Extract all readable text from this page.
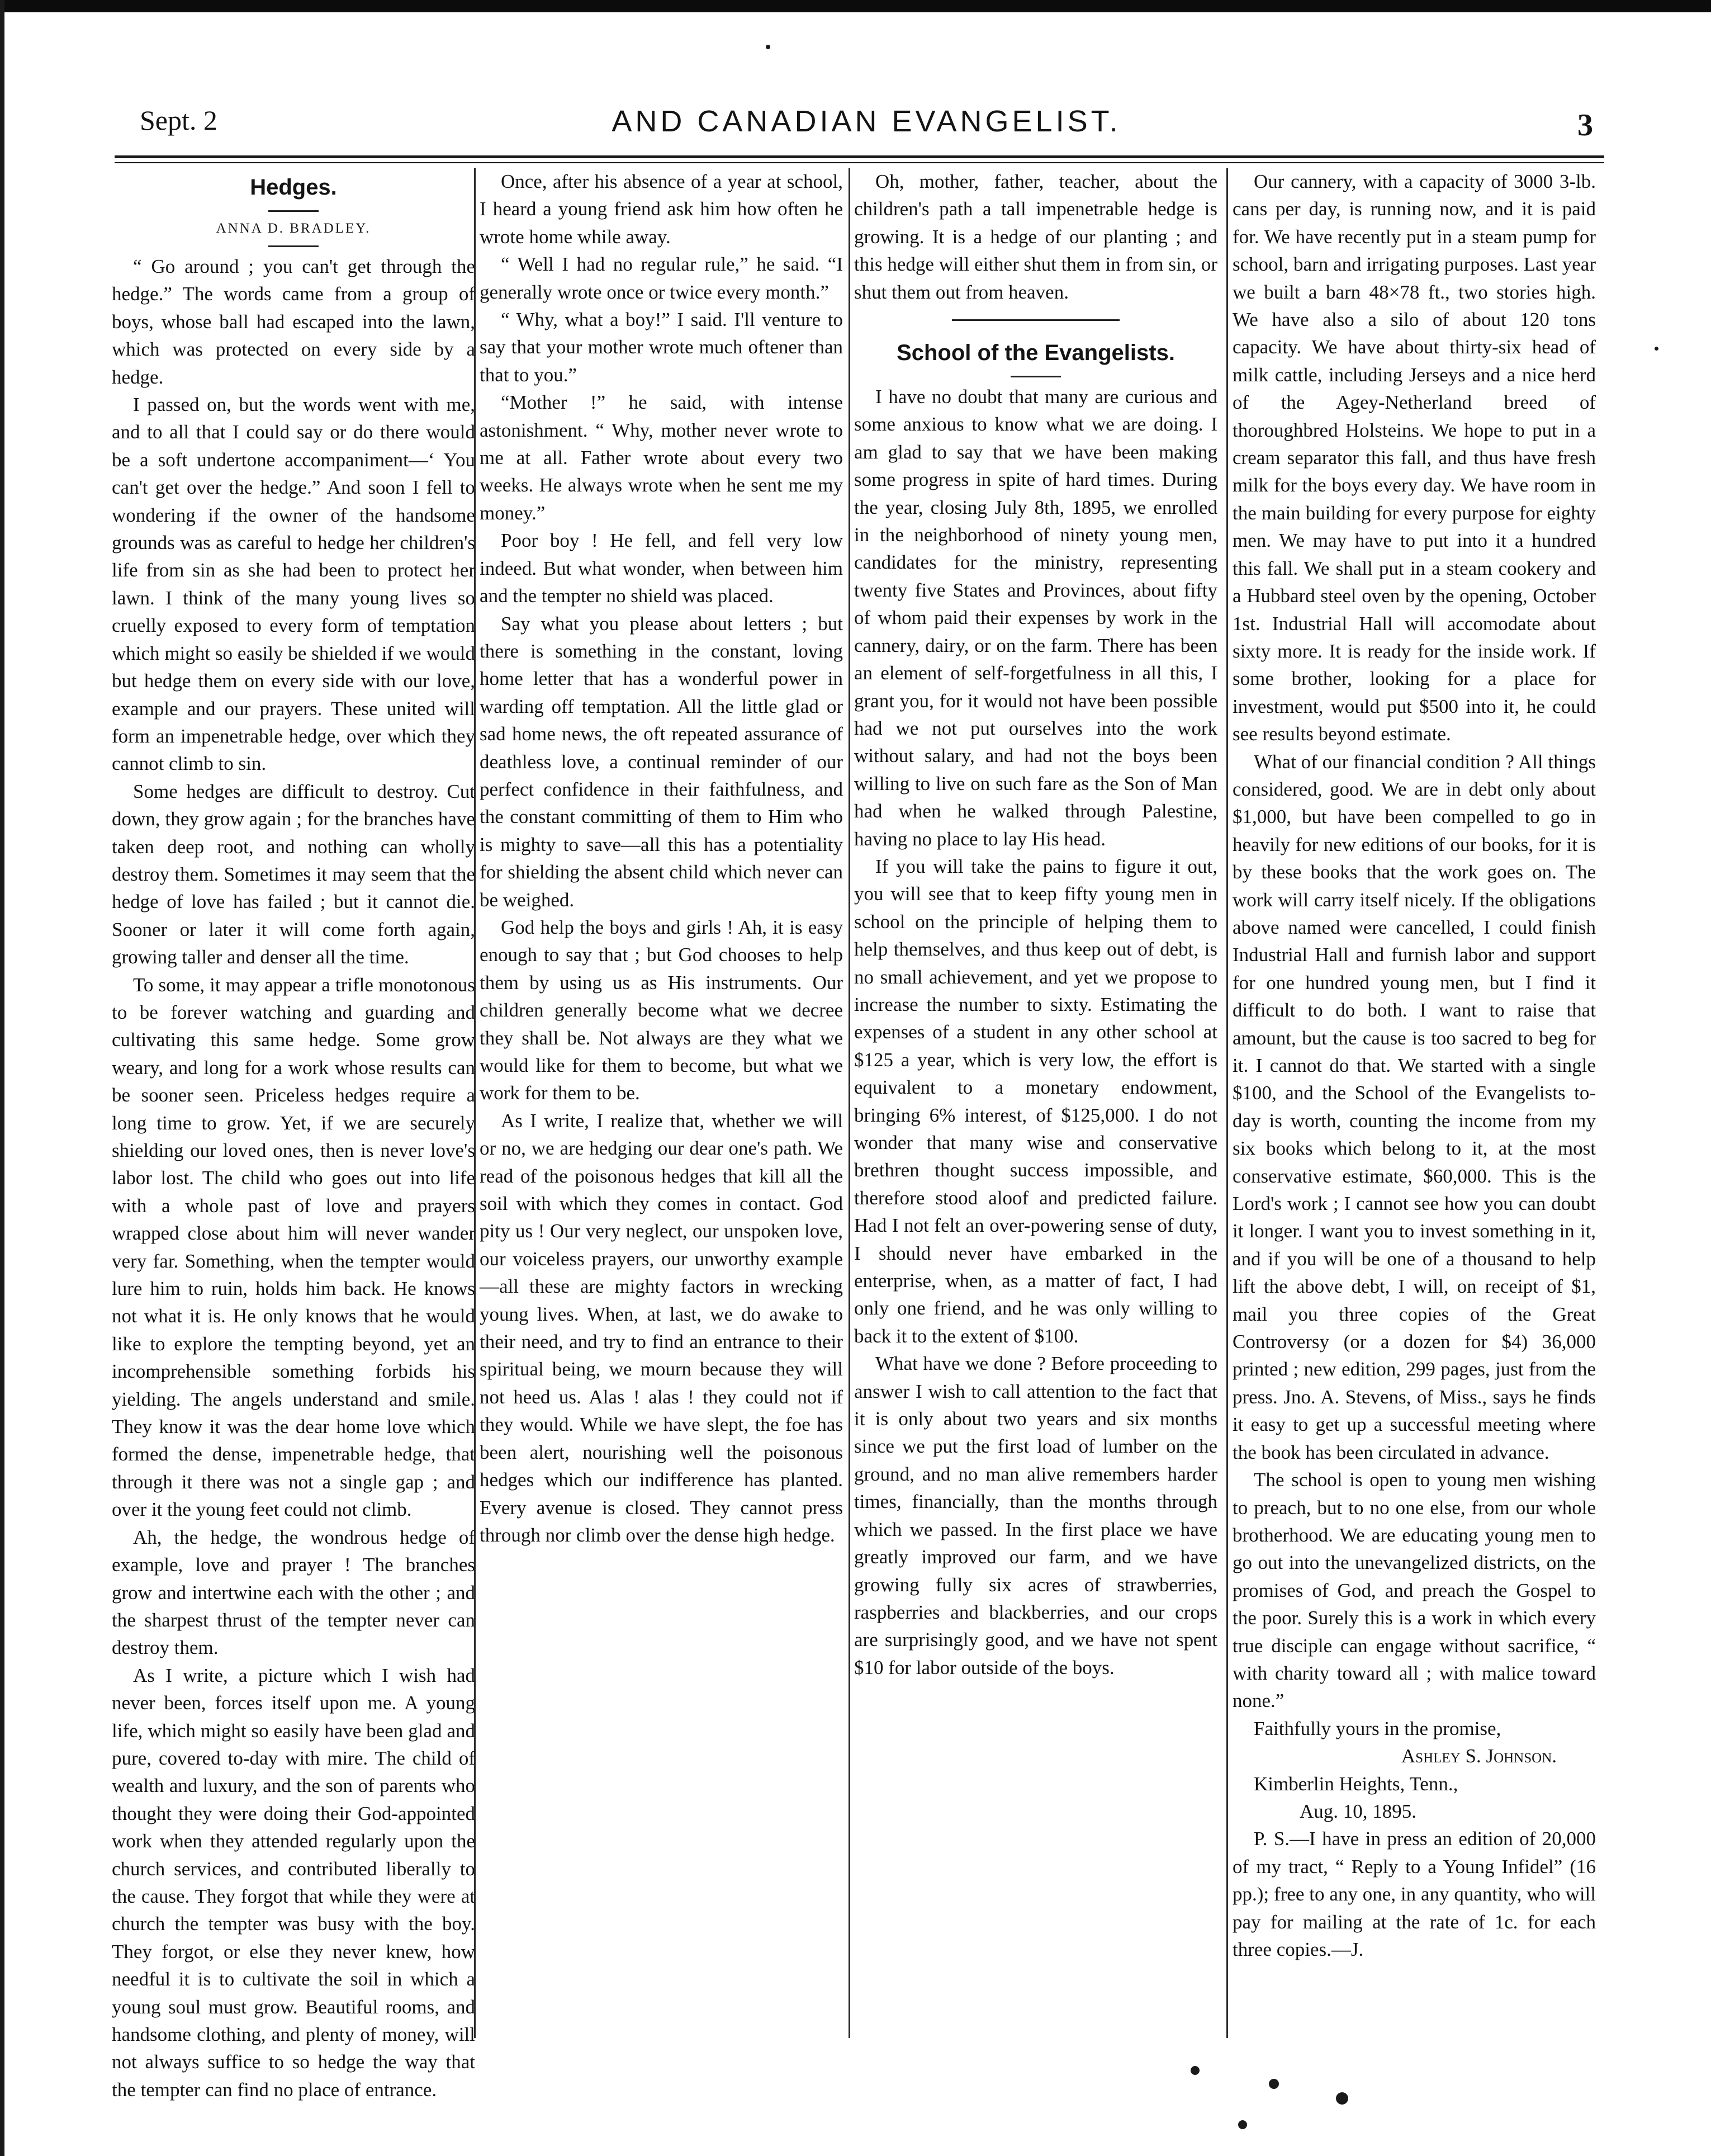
Sept. 2	AND CANADIAN EVANGELIST.	3
Hedges.
ANNA D. BRADLEY.

“ Go around ; you can't get through the hedge.” The words came from a group of boys, whose ball had escaped into the lawn, which was protected on every side by a hedge.

I passed on, but the words went with me, and to all that I could say or do there would be a soft undertone accompaniment—‘ You can't get over the hedge.” And soon I fell to wondering if the owner of the handsome grounds was as careful to hedge her children's life from sin as she had been to protect her lawn. I think of the many young lives so cruelly exposed to every form of temptation which might so easily be shielded if we would but hedge them on every side with our love, example and our prayers. These united will form an impenetrable hedge, over which they cannot climb to sin.

Some hedges are difficult to destroy. Cut down, they grow again ; for the branches have taken deep root, and nothing can wholly destroy them. Sometimes it may seem that the hedge of love has failed ; but it cannot die. Sooner or later it will come forth again, growing taller and denser all the time.

To some, it may appear a trifle monotonous to be forever watching and guarding and cultivating this same hedge. Some grow weary, and long for a work whose results can be sooner seen. Priceless hedges require a long time to grow. Yet, if we are securely shielding our loved ones, then is never love's labor lost. The child who goes out into life with a whole past of love and prayers wrapped close about him will never wander very far. Something, when the tempter would lure him to ruin, holds him back. He knows not what it is. He only knows that he would like to explore the tempting beyond, yet an incomprehensible something forbids his yielding. The angels understand and smile. They know it was the dear home love which formed the dense, impenetrable hedge, that through it there was not a single gap ; and over it the young feet could not climb.

Ah, the hedge, the wondrous hedge of example, love and prayer ! The branches grow and intertwine each with the other ; and the sharpest thrust of the tempter never can destroy them.

As I write, a picture which I wish had never been, forces itself upon me. A young life, which might so easily have been glad and pure, covered to-day with mire. The child of wealth and luxury, and the son of parents who thought they were doing their God-appointed work when they attended regularly upon the church services, and contributed liberally to the cause. They forgot that while they were at church the tempter was busy with the boy. They forgot, or else they never knew, how needful it is to cultivate the soil in which a young soul must grow. Beautiful rooms, and handsome clothing, and plenty of money, will not always suffice to so hedge the way that the tempter can find no place of entrance.

Once, after his absence of a year at school, I heard a young friend ask him how often he wrote home while away.

“ Well I had no regular rule,” he said. “I generally wrote once or twice every month.”

“ Why, what a boy!” I said. I'll venture to say that your mother wrote much oftener than that to you.”

“Mother !” he said, with intense astonishment. “ Why, mother never wrote to me at all. Father wrote about every two weeks. He always wrote when he sent me my money.”

Poor boy ! He fell, and fell very low indeed. But what wonder, when between him and the tempter no shield was placed.

Say what you please about letters ; but there is something in the constant, loving home letter that has a wonderful power in warding off temptation. All the little glad or sad home news, the oft repeated assurance of deathless love, a continual reminder of our perfect confidence in their faithfulness, and the constant committing of them to Him who is mighty to save—all this has a potentiality for shielding the absent child which never can be weighed.

God help the boys and girls ! Ah, it is easy enough to say that ; but God chooses to help them by using us as His instruments. Our children generally become what we decree they shall be. Not always are they what we would like for them to become, but what we work for them to be.

As I write, I realize that, whether we will or no, we are hedging our dear one's path. We read of the poisonous hedges that kill all the soil with which they comes in contact. God pity us ! Our very neglect, our unspoken love, our voiceless prayers, our unworthy example—all these are mighty factors in wrecking young lives. When, at last, we do awake to their need, and try to find an entrance to their spiritual being, we mourn because they will not heed us. Alas ! alas ! they could not if they would. While we have slept, the foe has been alert, nourishing well the poisonous hedges which our indifference has planted. Every avenue is closed. They cannot press through nor climb over the dense high hedge.

Oh, mother, father, teacher, about the children's path a tall impenetrable hedge is growing. It is a hedge of our planting ; and this hedge will either shut them in from sin, or shut them out from heaven.

School of the Evangelists.

I have no doubt that many are curious and some anxious to know what we are doing. I am glad to say that we have been making some progress in spite of hard times. During the year, closing July 8th, 1895, we enrolled in the neighborhood of ninety young men, candidates for the ministry, representing twenty five States and Provinces, about fifty of whom paid their expenses by work in the cannery, dairy, or on the farm. There has been an element of self-forgetfulness in all this, I grant you, for it would not have been possible had we not put ourselves into the work without salary, and had not the boys been willing to live on such fare as the Son of Man had when he walked through Palestine, having no place to lay His head.

If you will take the pains to figure it out, you will see that to keep fifty young men in school on the principle of helping them to help themselves, and thus keep out of debt, is no small achievement, and yet we propose to increase the number to sixty. Estimating the expenses of a student in any other school at $125 a year, which is very low, the effort is equivalent to a monetary endowment, bringing 6% interest, of $125,000. I do not wonder that many wise and conservative brethren thought success impossible, and therefore stood aloof and predicted failure. Had I not felt an over-powering sense of duty, I should never have embarked in the enterprise, when, as a matter of fact, I had only one friend, and he was only willing to back it to the extent of $100.

What have we done ? Before proceeding to answer I wish to call attention to the fact that it is only about two years and six months since we put the first load of lumber on the ground, and no man alive remembers harder times, financially, than the months through which we passed. In the first place we have greatly improved our farm, and we have growing fully six acres of strawberries, raspberries and blackberries, and our crops are surprisingly good, and we have not spent $10 for labor outside of the boys.

Our cannery, with a capacity of 3000 3-lb. cans per day, is running now, and it is paid for. We have recently put in a steam pump for school, barn and irrigating purposes. Last year we built a barn 48×78 ft., two stories high. We have also a silo of about 120 tons capacity. We have about thirty-six head of milk cattle, including Jerseys and a nice herd of the Agey-Netherland breed of thoroughbred Holsteins. We hope to put in a cream separator this fall, and thus have fresh milk for the boys every day. We have room in the main building for every purpose for eighty men. We may have to put into it a hundred this fall. We shall put in a steam cookery and a Hubbard steel oven by the opening, October 1st. Industrial Hall will accomodate about sixty more. It is ready for the inside work. If some brother, looking for a place for investment, would put $500 into it, he could see results beyond estimate.

What of our financial condition ? All things considered, good. We are in debt only about $1,000, but have been compelled to go in heavily for new editions of our books, for it is by these books that the work goes on. The work will carry itself nicely. If the obligations above named were cancelled, I could finish Industrial Hall and furnish labor and support for one hundred young men, but I find it difficult to do both. I want to raise that amount, but the cause is too sacred to beg for it. I cannot do that. We started with a single $100, and the School of the Evangelists to-day is worth, counting the income from my six books which belong to it, at the most conservative estimate, $60,000. This is the Lord's work ; I cannot see how you can doubt it longer. I want you to invest something in it, and if you will be one of a thousand to help lift the above debt, I will, on receipt of $1, mail you three copies of the Great Controversy (or a dozen for $4) 36,000 printed ; new edition, 299 pages, just from the press. Jno. A. Stevens, of Miss., says he finds it easy to get up a successful meeting where the book has been circulated in advance.

The school is open to young men wishing to preach, but to no one else, from our whole brotherhood. We are educating young men to go out into the unevangelized districts, on the promises of God, and preach the Gospel to the poor. Surely this is a work in which every true disciple can engage without sacrifice, “ with charity toward all ; with malice toward none.”

Faithfully yours in the promise,

Ashley S. Johnson.

Kimberlin Heights, Tenn.,

Aug. 10, 1895.

P. S.—I have in press an edition of 20,000 of my tract, “ Reply to a Young Infidel” (16 pp.); free to any one, in any quantity, who will pay for mailing at the rate of 1c. for each three copies.—J.
